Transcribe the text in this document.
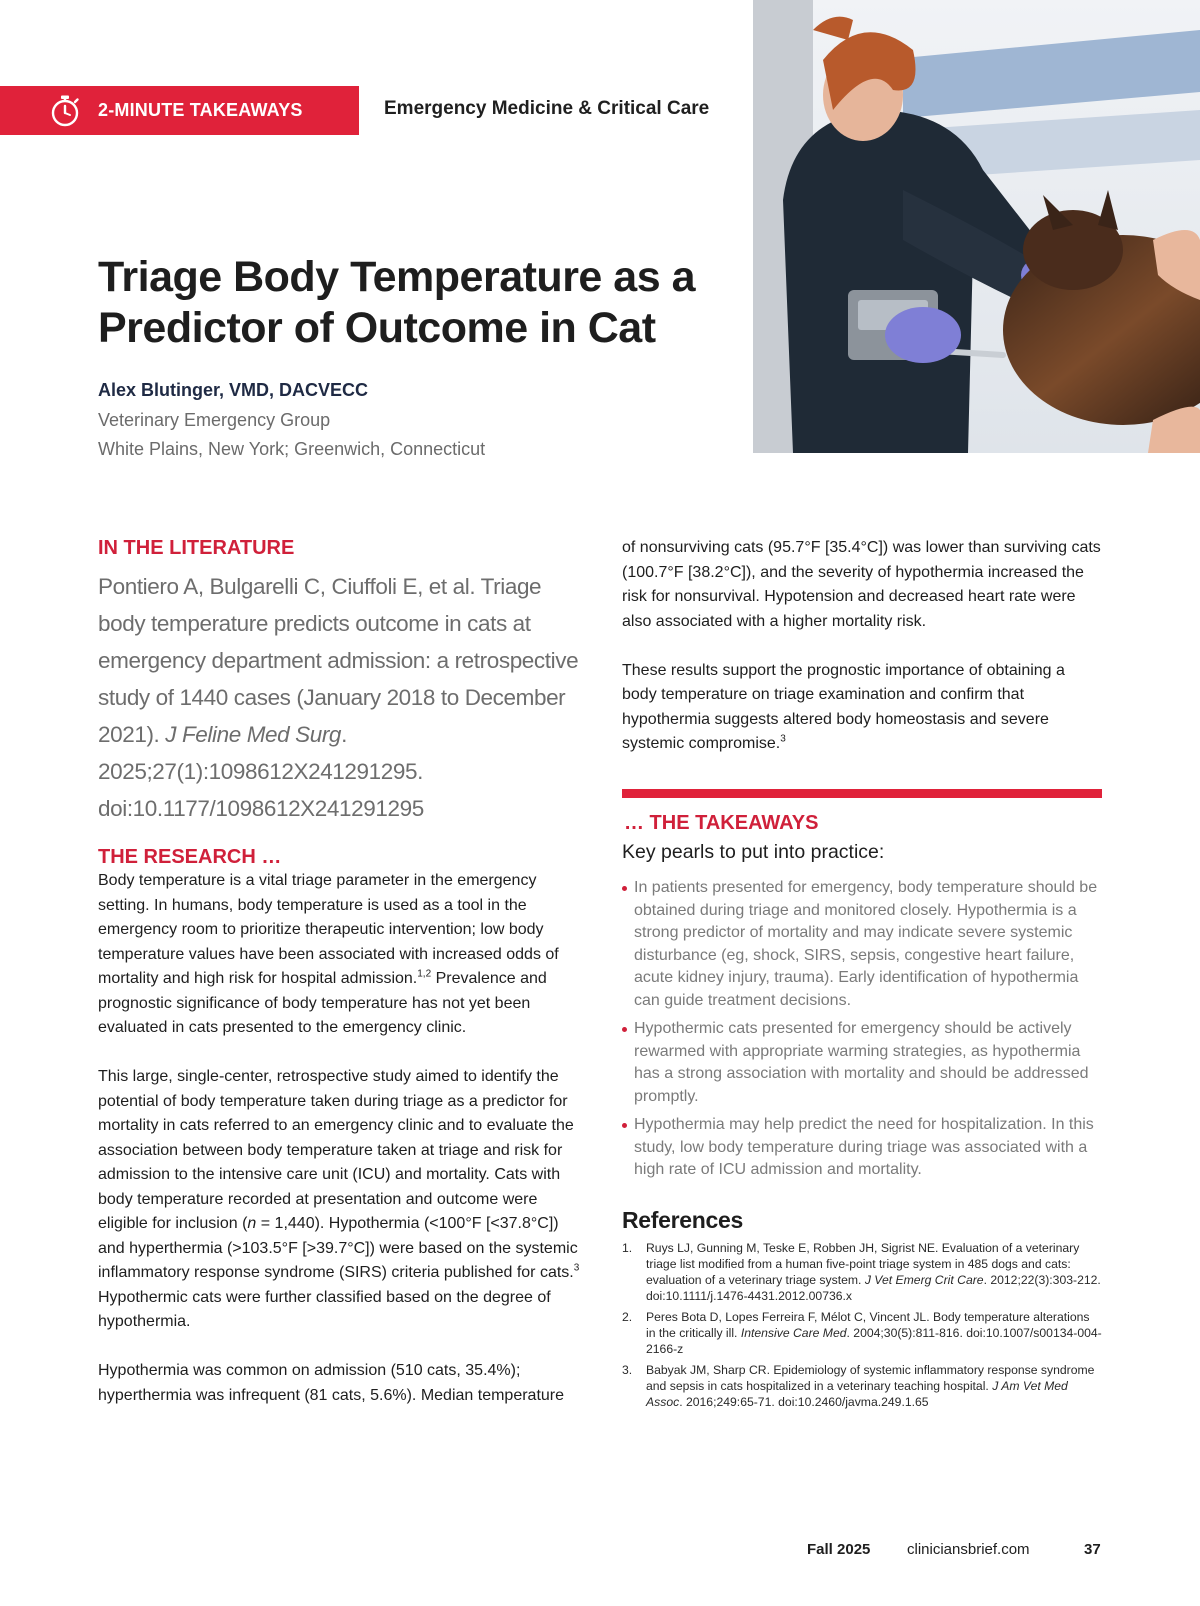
2-MINUTE TAKEAWAYS	Emergency Medicine & Critical Care
Triage Body Temperature as a Predictor of Outcome in Cat
Alex Blutinger, VMD, DACVECC
Veterinary Emergency Group
White Plains, New York; Greenwich, Connecticut
IN THE LITERATURE
Pontiero A, Bulgarelli C, Ciuffoli E, et al. Triage body temperature predicts outcome in cats at emergency department admission: a retrospective study of 1440 cases (January 2018 to December 2021). J Feline Med Surg. 2025;27(1):1098612X241291295. doi:10.1177/1098612X241291295
THE RESEARCH …

Body temperature is a vital triage parameter in the emergency setting. In humans, body temperature is used as a tool in the emergency room to prioritize therapeutic intervention; low body temperature values have been associated with increased odds of mortality and high risk for hospital admission.$^{1,2}$ Prevalence and prognostic significance of body temperature has not yet been evaluated in cats presented to the emergency clinic.

This large, single-center, retrospective study aimed to identify the potential of body temperature taken during triage as a predictor for mortality in cats referred to an emergency clinic and to evaluate the association between body temperature taken at triage and risk for admission to the intensive care unit (ICU) and mortality. Cats with body temperature recorded at presentation and outcome were eligible for inclusion (n = 1,440). Hypothermia (<100°F [<37.8°C]) and hyperthermia (>103.5°F [>39.7°C]) were based on the systemic inflammatory response syndrome (SIRS) criteria published for cats.$^3$ Hypothermic cats were further classified based on the degree of hypothermia.

Hypothermia was common on admission (510 cats, 35.4%); hyperthermia was infrequent (81 cats, 5.6%). Median temperature

of nonsurviving cats (95.7°F [35.4°C]) was lower than surviving cats (100.7°F [38.2°C]), and the severity of hypothermia increased the risk for nonsurvival. Hypotension and decreased heart rate were also associated with a higher mortality risk.

These results support the prognostic importance of obtaining a body temperature on triage examination and confirm that hypothermia suggests altered body homeostasis and severe systemic compromise.$^3$

… THE TAKEAWAYS
Key pearls to put into practice:
In patients presented for emergency, body temperature should be obtained during triage and monitored closely. Hypothermia is a strong predictor of mortality and may indicate severe systemic disturbance (eg, shock, SIRS, sepsis, congestive heart failure, acute kidney injury, trauma). Early identification of hypothermia can guide treatment decisions.
Hypothermic cats presented for emergency should be actively rewarmed with appropriate warming strategies, as hypothermia has a strong association with mortality and should be addressed promptly.
Hypothermia may help predict the need for hospitalization. In this study, low body temperature during triage was associated with a high rate of ICU admission and mortality.
References
1. Ruys LJ, Gunning M, Teske E, Robben JH, Sigrist NE. Evaluation of a veterinary triage list modified from a human five-point triage system in 485 dogs and cats: evaluation of a veterinary triage system. J Vet Emerg Crit Care. 2012;22(3):303-212. doi:10.1111/j.1476-4431.2012.00736.x
2. Peres Bota D, Lopes Ferreira F, Mélot C, Vincent JL. Body temperature alterations in the critically ill. Intensive Care Med. 2004;30(5):811-816. doi:10.1007/s00134-004-2166-z
3. Babyak JM, Sharp CR. Epidemiology of systemic inflammatory response syndrome and sepsis in cats hospitalized in a veterinary teaching hospital. J Am Vet Med Assoc. 2016;249:65-71. doi:10.2460/javma.249.1.65
Fall 2025 cliniciansbrief.com	37
